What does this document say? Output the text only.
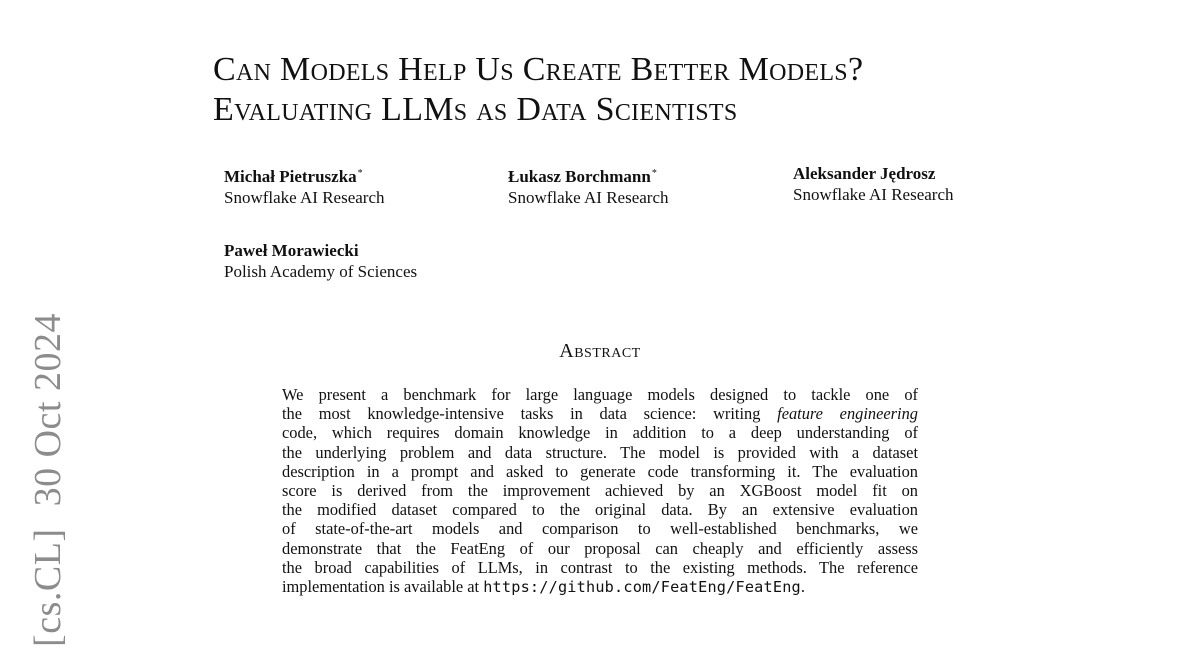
[cs.CL]30 Oct 2024
Can Models Help Us Create Better Models?
Evaluating LLMs as Data Scientists
Michał Pietruszka*
Snowflake AI Research
Łukasz Borchmann*
Snowflake AI Research
Aleksander Jędrosz
Snowflake AI Research
Paweł Morawiecki
Polish Academy of Sciences
Abstract
We present a benchmark for large language models designed to tackle one of
the most knowledge-intensive tasks in data science: writing feature engineering
code, which requires domain knowledge in addition to a deep understanding of
the underlying problem and data structure. The model is provided with a dataset
description in a prompt and asked to generate code transforming it. The evaluation
score is derived from the improvement achieved by an XGBoost model fit on
the modified dataset compared to the original data. By an extensive evaluation
of state-of-the-art models and comparison to well-established benchmarks, we
demonstrate that the FeatEng of our proposal can cheaply and efficiently assess
the broad capabilities of LLMs, in contrast to the existing methods. The reference
implementation is available at https://github.com/FeatEng/FeatEng.
